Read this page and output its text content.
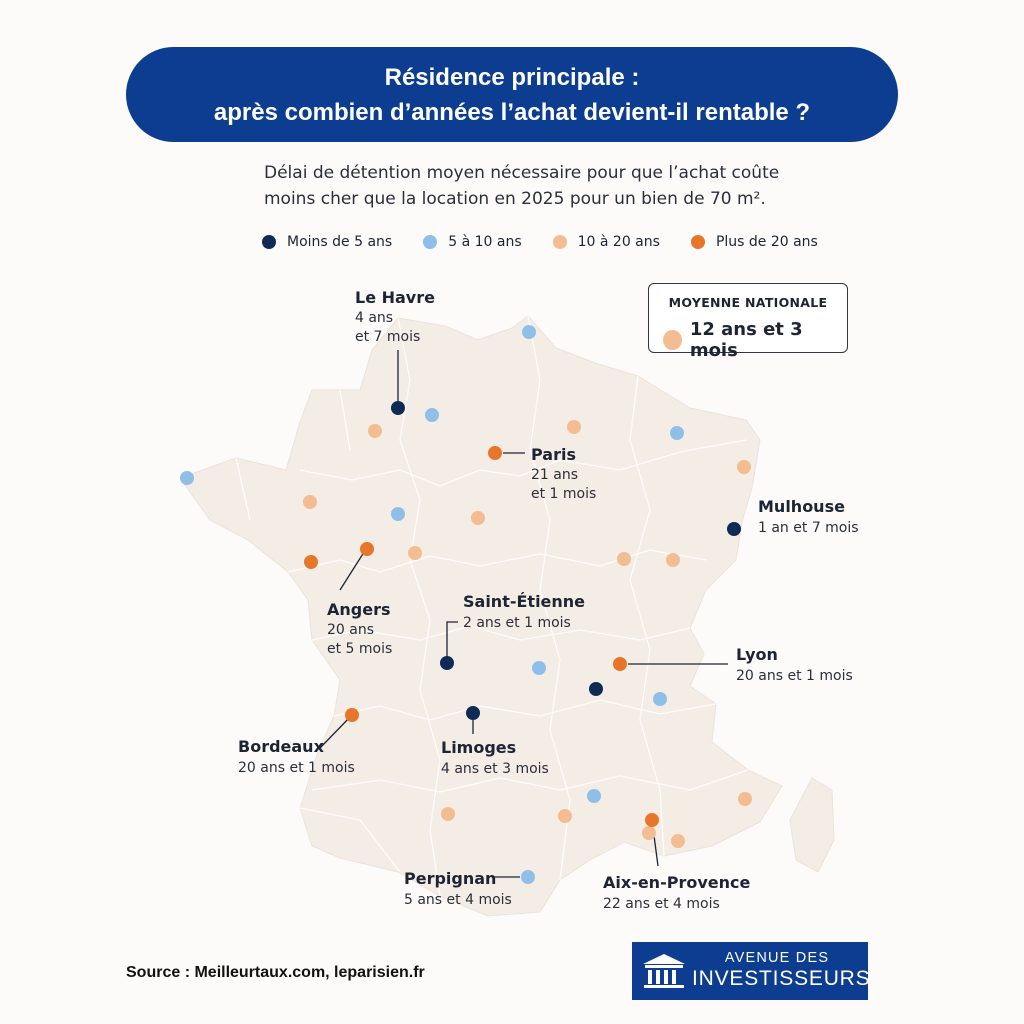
Résidence principale :
après combien d’années l’achat devient-il rentable ?
Délai de détention moyen nécessaire pour que l’achat coûte
moins cher que la location en 2025 pour un bien de 70 m².
Moins de 5 ans	5 à 10 ans	10 à 20 ans	Plus de 20 ans
Le Havre
4 ans
et 7 mois
Paris
21 ans
et 1 mois
Mulhouse
1 an et 7 mois
Angers
20 ans
et 5 mois
Saint-Étienne
2 ans et 1 mois
Lyon
20 ans et 1 mois
Bordeaux
20 ans et 1 mois
Limoges
4 ans et 3 mois
Perpignan
5 ans et 4 mois
Aix-en-Provence
22 ans et 4 mois
MOYENNE NATIONALE
12 ans et 3 mois
Source : Meilleurtaux.com, leparisien.fr
AVENUE DES
INVESTISSEURS
